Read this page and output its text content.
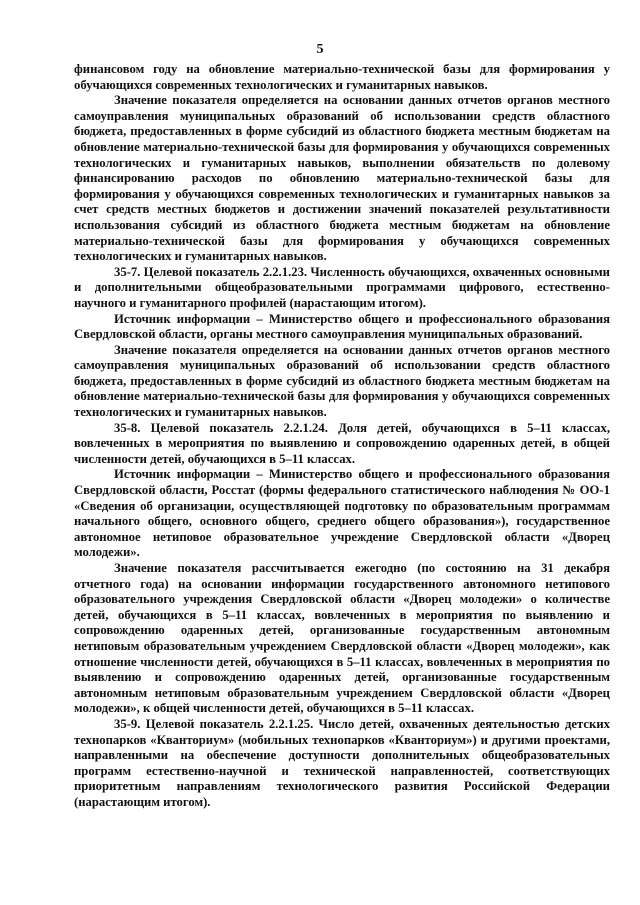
5

финансовом году на обновление материально-технической базы для формирования у обучающихся современных технологических и гуманитарных навыков.

Значение показателя определяется на основании данных отчетов органов местного самоуправления муниципальных образований об использовании средств областного бюджета, предоставленных в форме субсидий из областного бюджета местным бюджетам на обновление материально-технической базы для формирования у обучающихся современных технологических и гуманитарных навыков, выполнении обязательств по долевому финансированию расходов по обновлению материально-технической базы для формирования у обучающихся современных технологических и гуманитарных навыков за счет средств местных бюджетов и достижении значений показателей результативности использования субсидий из областного бюджета местным бюджетам на обновление материально-технической базы для формирования у обучающихся современных технологических и гуманитарных навыков.

35-7. Целевой показатель 2.2.1.23. Численность обучающихся, охваченных основными и дополнительными общеобразовательными программами цифрового, естественно-научного и гуманитарного профилей (нарастающим итогом).

Источник информации – Министерство общего и профессионального образования Свердловской области, органы местного самоуправления муниципальных образований.

Значение показателя определяется на основании данных отчетов органов местного самоуправления муниципальных образований об использовании средств областного бюджета, предоставленных в форме субсидий из областного бюджета местным бюджетам на обновление материально-технической базы для формирования у обучающихся современных технологических и гуманитарных навыков.

35-8. Целевой показатель 2.2.1.24. Доля детей, обучающихся в 5–11 классах, вовлеченных в мероприятия по выявлению и сопровождению одаренных детей, в общей численности детей, обучающихся в 5–11 классах.

Источник информации – Министерство общего и профессионального образования Свердловской области, Росстат (формы федерального статистического наблюдения № ОО-1 «Сведения об организации, осуществляющей подготовку по образовательным программам начального общего, основного общего, среднего общего образования»), государственное автономное нетиповое образовательное учреждение Свердловской области «Дворец молодежи».

Значение показателя рассчитывается ежегодно (по состоянию на 31 декабря отчетного года) на основании информации государственного автономного нетипового образовательного учреждения Свердловской области «Дворец молодежи» о количестве детей, обучающихся в 5–11 классах, вовлеченных в мероприятия по выявлению и сопровождению одаренных детей, организованные государственным автономным нетиповым образовательным учреждением Свердловской области «Дворец молодежи», как отношение численности детей, обучающихся в 5–11 классах, вовлеченных в мероприятия по выявлению и сопровождению одаренных детей, организованные государственным автономным нетиповым образовательным учреждением Свердловской области «Дворец молодежи», к общей численности детей, обучающихся в 5–11 классах.

35-9. Целевой показатель 2.2.1.25. Число детей, охваченных деятельностью детских технопарков «Кванториум» (мобильных технопарков «Кванториум») и другими проектами, направленными на обеспечение доступности дополнительных общеобразовательных программ естественно-научной и технической направленностей, соответствующих приоритетным направлениям технологического развития Российской Федерации (нарастающим итогом).
